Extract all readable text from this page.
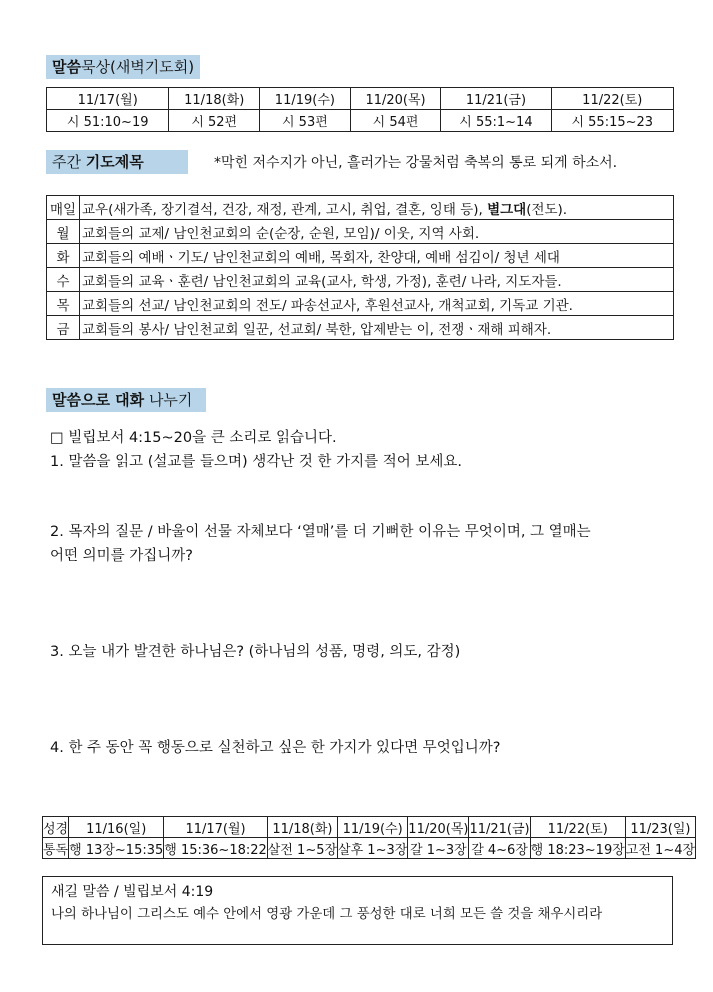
말씀묵상(새벽기도회)
11/17(월)	11/18(화)	11/19(수)	11/20(목)	11/21(금)	11/22(토)
시 51:10~19	시 52편	시 53편	시 54편	시 55:1~14	시 55:15~23
주간 기도제목	*막힌 저수지가 아닌, 흘러가는 강물처럼 축복의 통로 되게 하소서.
매일	교우(새가족, 장기결석, 건강, 재정, 관계, 고시, 취업, 결혼, 잉태 등), 별그대(전도).
월	교회들의 교제/ 남인천교회의 순(순장, 순원, 모임)/ 이웃, 지역 사회.
화	교회들의 예배ㆍ기도/ 남인천교회의 예배, 목회자, 찬양대, 예배 섬김이/ 청년 세대
수	교회들의 교육ㆍ훈련/ 남인천교회의 교육(교사, 학생, 가정), 훈련/ 나라, 지도자들.
목	교회들의 선교/ 남인천교회의 전도/ 파송선교사, 후원선교사, 개척교회, 기독교 기관.
금	교회들의 봉사/ 남인천교회 일꾼, 선교회/ 북한, 압제받는 이, 전쟁ㆍ재해 피해자.
말씀으로 대화 나누기
□ 빌립보서 4:15~20을 큰 소리로 읽습니다.
1. 말씀을 읽고 (설교를 들으며) 생각난 것 한 가지를 적어 보세요.
2. 목자의 질문 / 바울이 선물 자체보다 ‘열매’를 더 기뻐한 이유는 무엇이며, 그 열매는
어떤 의미를 가집니까?
3. 오늘 내가 발견한 하나님은? (하나님의 성품, 명령, 의도, 감정)
4. 한 주 동안 꼭 행동으로 실천하고 싶은 한 가지가 있다면 무엇입니까?
성경	11/16(일)	11/17(월)	11/18(화)	11/19(수)	11/20(목)	11/21(금)	11/22(토)	11/23(일)
통독	행 13장~15:35	행 15:36~18:22	살전 1~5장	살후 1~3장	갈 1~3장	갈 4~6장	행 18:23~19장	고전 1~4장
새길 말씀 / 빌립보서 4:19
나의 하나님이 그리스도 예수 안에서 영광 가운데 그 풍성한 대로 너희 모든 쓸 것을 채우시리라
